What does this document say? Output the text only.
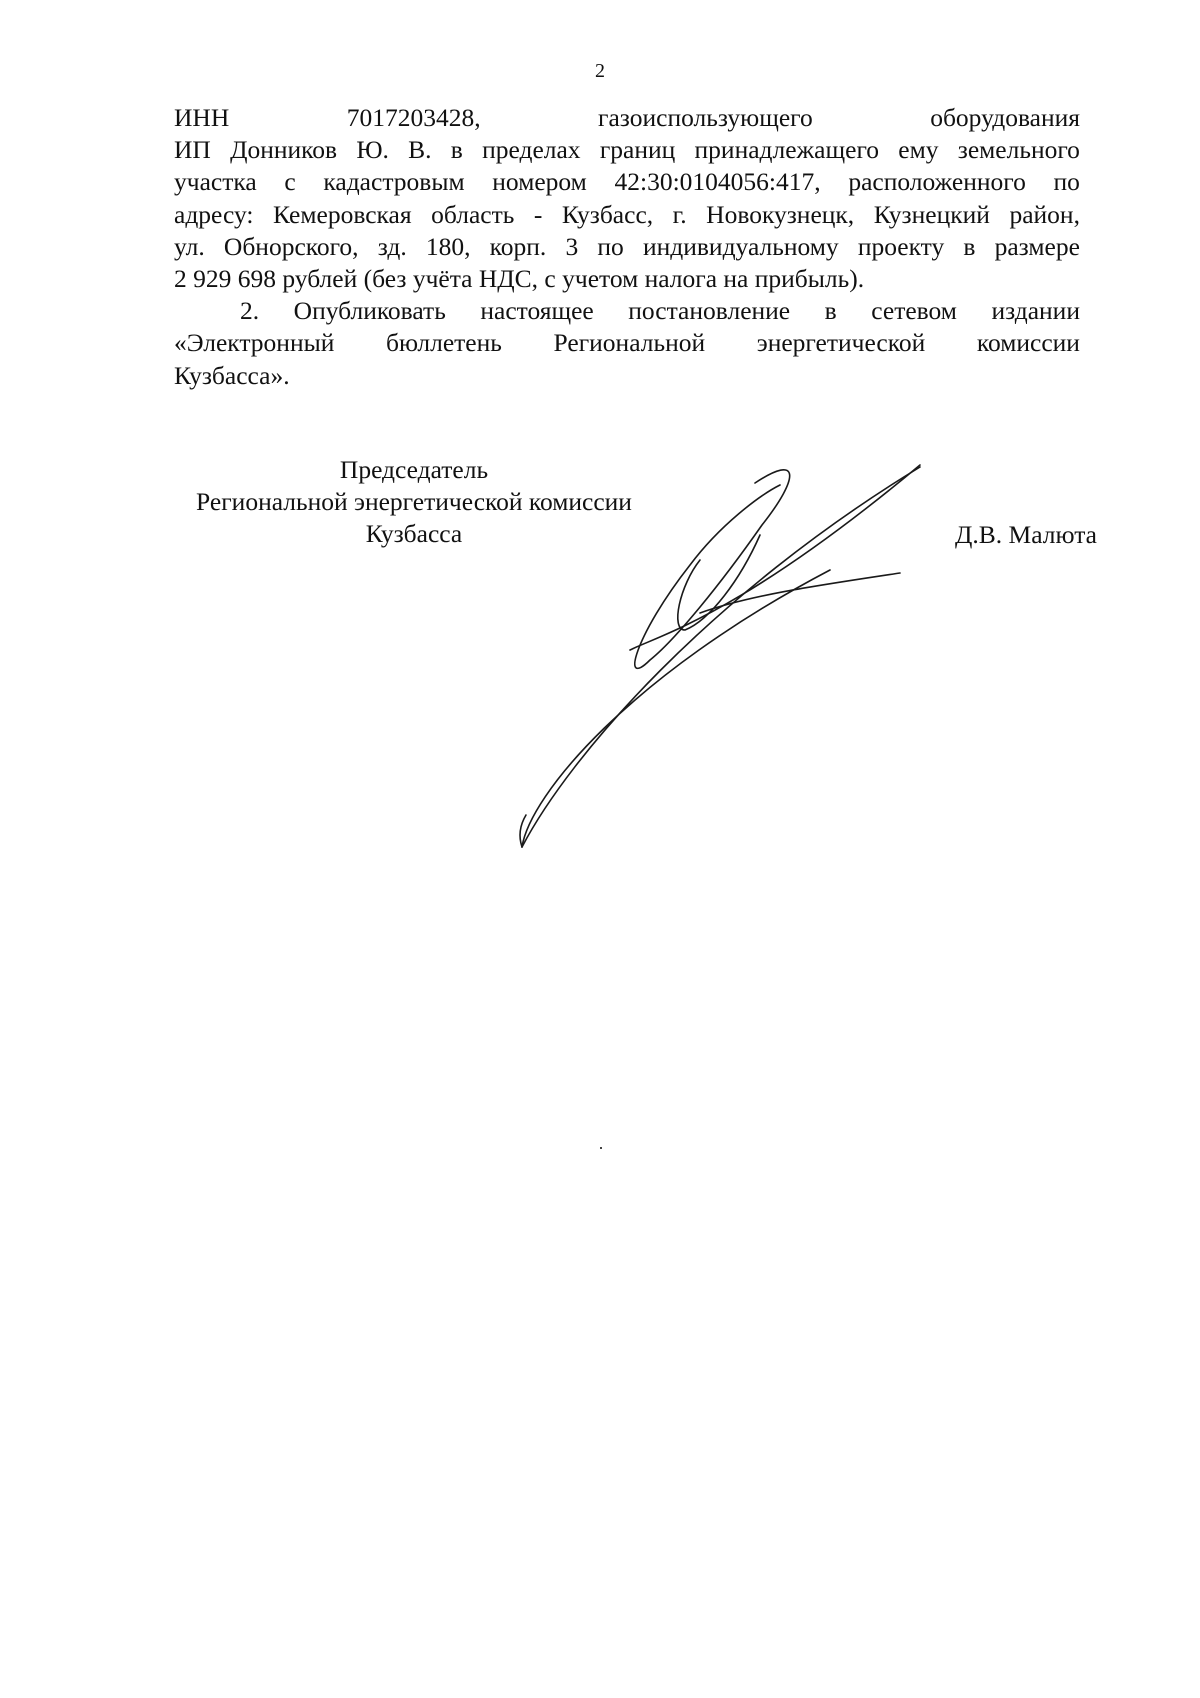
2
ИНН	7017203428,	газоиспользующего	оборудования
ИП Донников Ю. В. в пределах границ принадлежащего ему земельного
участка с кадастровым номером 42:30:0104056:417, расположенного по
адресу: Кемеровская область - Кузбасс, г. Новокузнецк, Кузнецкий район,
ул. Обнорского, зд. 180, корп. 3 по индивидуальному проекту в размере
2 929 698 рублей (без учёта НДС, с учетом налога на прибыль).
2. Опубликовать настоящее постановление в сетевом издании
«Электронный бюллетень Региональной энергетической комиссии
Кузбасса».
Председатель
Региональной энергетической комиссии
Кузбасса	Д.В. Малюта
